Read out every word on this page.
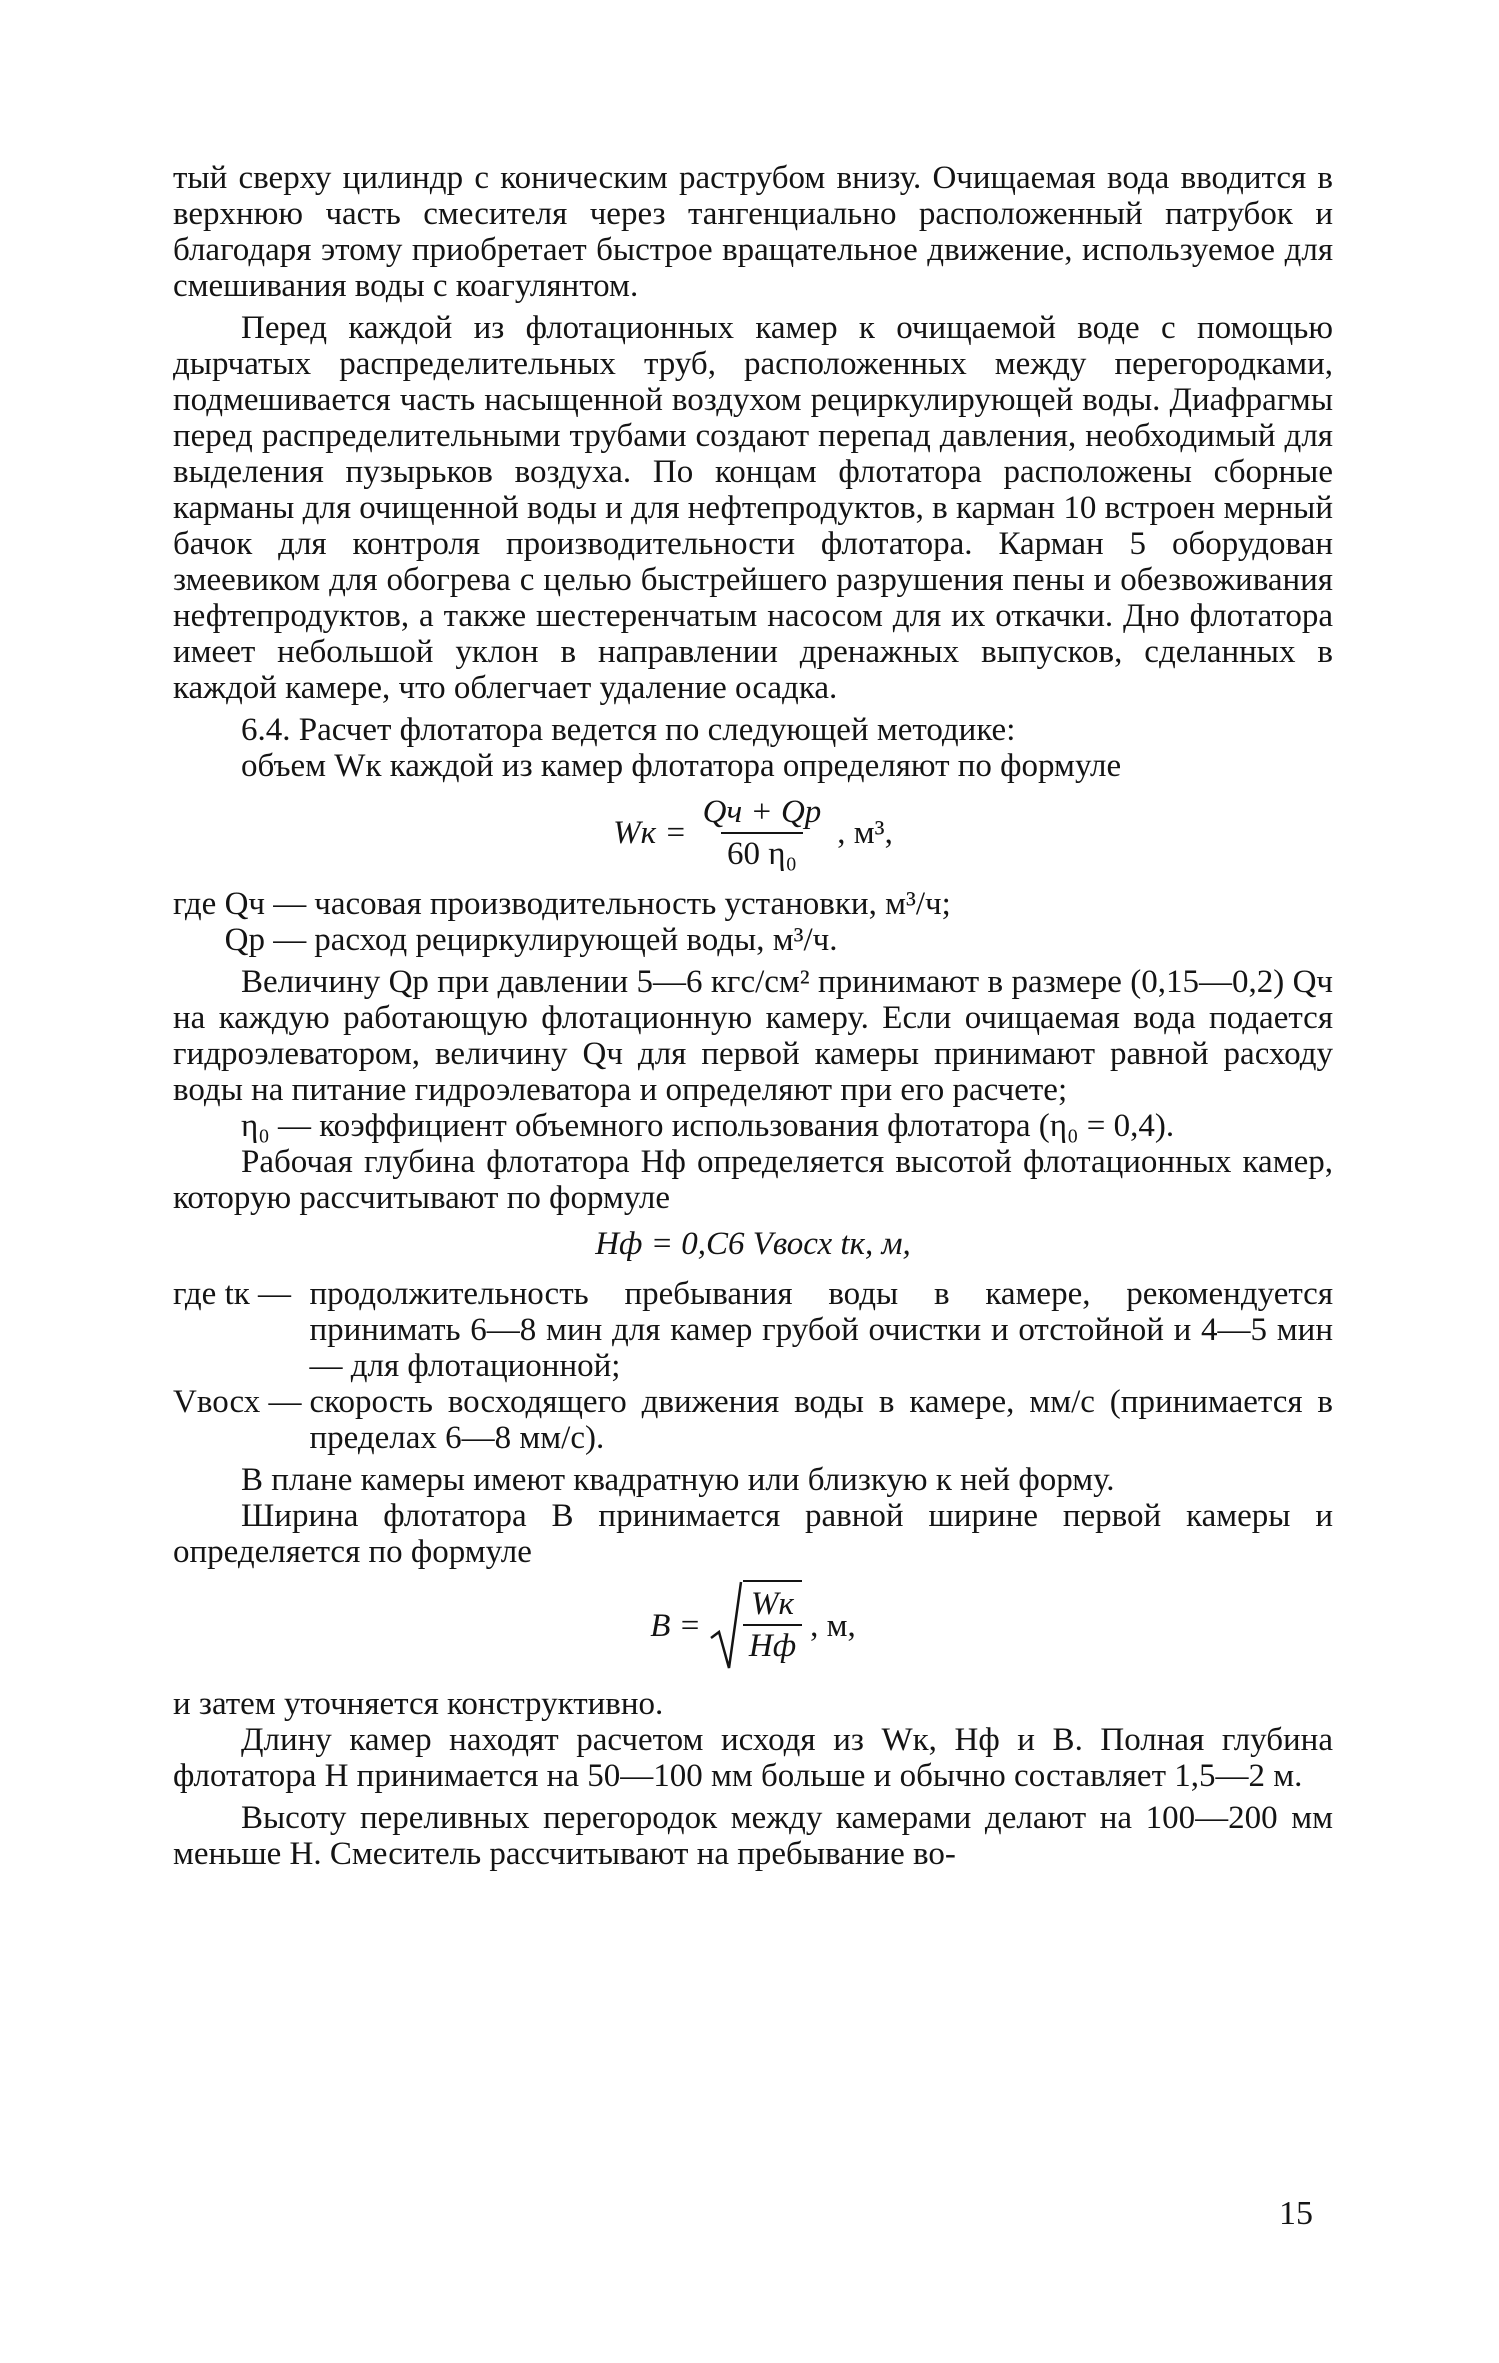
тый сверху цилиндр с коническим раструбом внизу. Очищаемая вода вводится в верхнюю часть смесителя через тангенциально расположенный патрубок и благодаря этому приобретает быстрое вращательное движение, используемое для смешивания воды с коагулянтом.

Перед каждой из флотационных камер к очищаемой воде с помощью дырчатых распределительных труб, расположенных между перегородками, подмешивается часть насыщенной воздухом рециркулирующей воды. Диафрагмы перед распределительными трубами создают перепад давления, необходимый для выделения пузырьков воздуха. По концам флотатора расположены сборные карманы для очищенной воды и для нефтепродуктов, в карман 10 встроен мерный бачок для контроля производительности флотатора. Карман 5 оборудован змеевиком для обогрева с целью быстрейшего разрушения пены и обезвоживания нефтепродуктов, а также шестеренчатым насосом для их откачки. Дно флотатора имеет небольшой уклон в направлении дренажных выпусков, сделанных в каждой камере, что облегчает удаление осадка.

6.4. Расчет флотатора ведется по следующей методике:

объем Wк каждой из камер флотатора определяют по формуле

Wк = $\frac{Qч + Qр}{\text{60 η₀}}$ , м³,
где Qч — часовая производительность установки, м³/ч;
Qр — расход рециркулирующей воды, м³/ч.

Величину Qр при давлении 5—6 кгс/см² принимают в размере (0,15—0,2) Qч на каждую работающую флотационную камеру. Если очищаемая вода подается гидроэлеватором, величину Qч для первой камеры принимают равной расходу воды на питание гидроэлеватора и определяют при его расчете;

η₀ — коэффициент объемного использования флотатора (η₀ = 0,4).

Рабочая глубина флотатора Hф определяется высотой флотационных камер, которую рассчитывают по формуле

Hф = 0,С6 Vвосх tк, м,
где tк — продолжительность пребывания воды в камере, рекомендуется принимать 6—8 мин для камер грубой очистки и отстойной и 4—5 мин — для флотационной;
Vвосх — скорость восходящего движения воды в камере, мм/с (принимается в пределах 6—8 мм/с).

В плане камеры имеют квадратную или близкую к ней форму.

Ширина флотатора B принимается равной ширине первой камеры и определяется по формуле

$B = \frac{Wк}{Hф}$ , м,

и затем уточняется конструктивно.

Длину камер находят расчетом исходя из Wк, Hф и B. Полная глубина флотатора H принимается на 50—100 мм больше и обычно составляет 1,5—2 м.

Высоту переливных перегородок между камерами делают на 100—200 мм меньше H. Смеситель рассчитывают на пребывание во-

15
